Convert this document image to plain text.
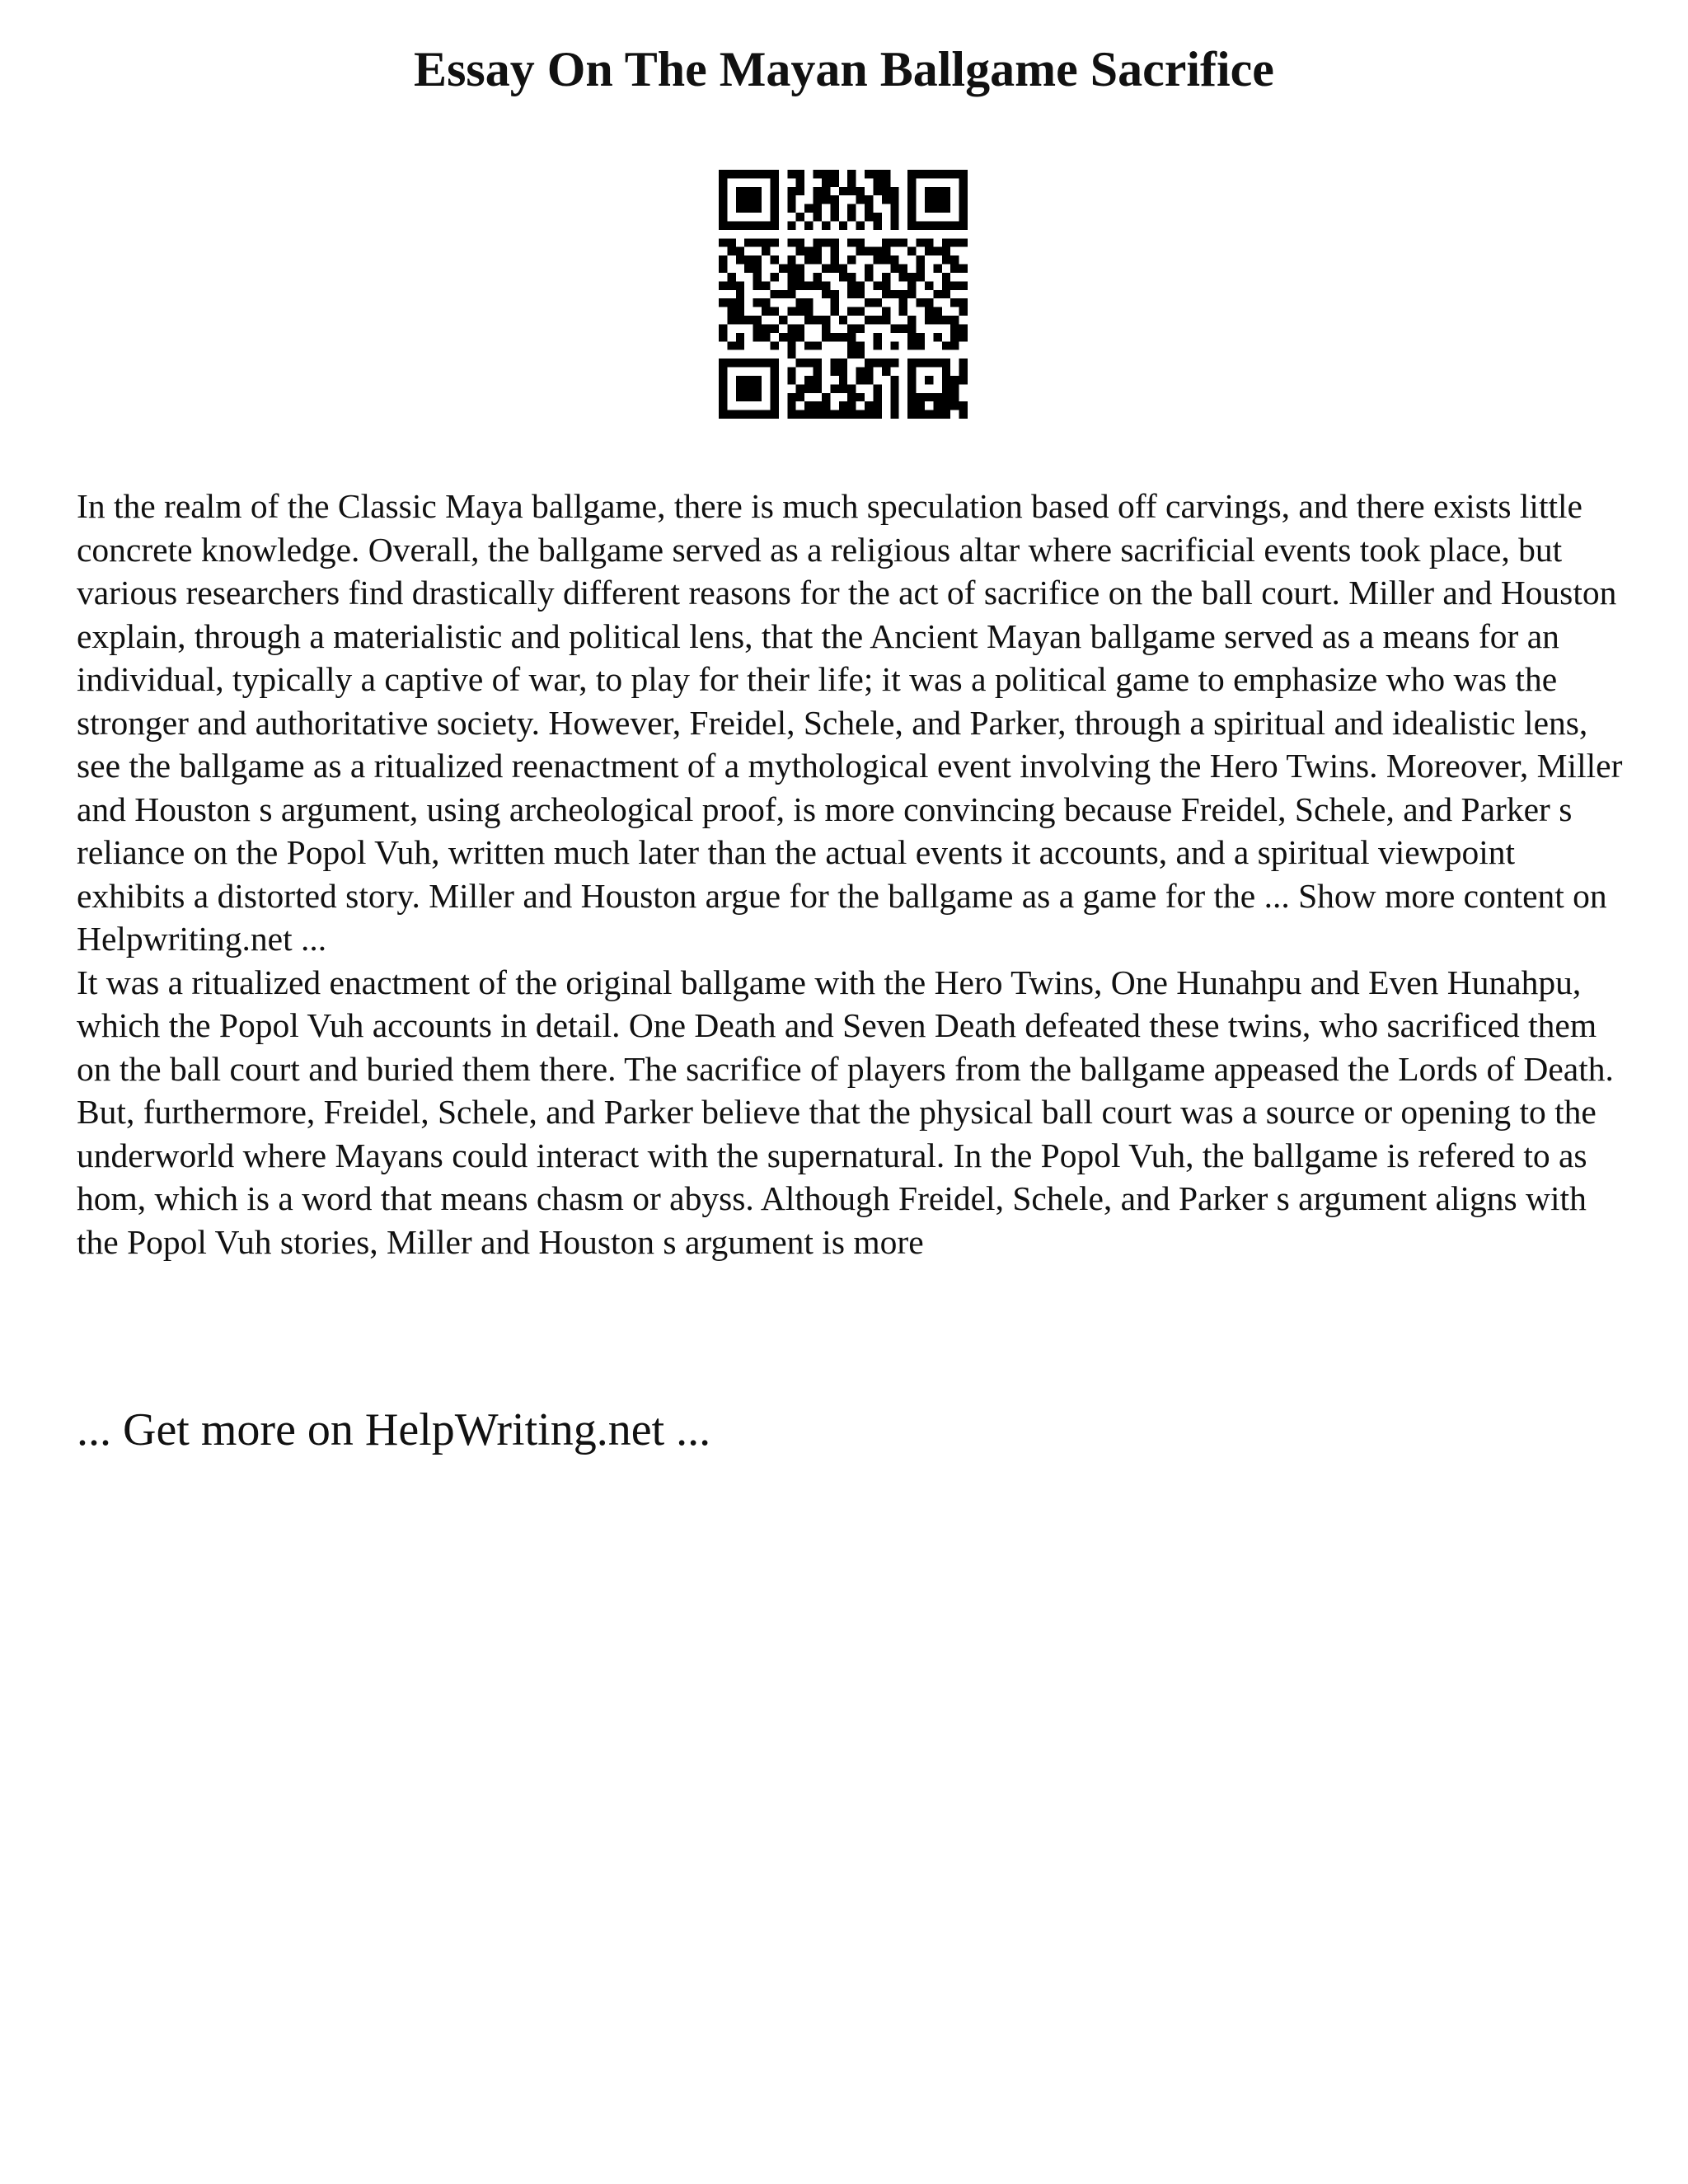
Essay On The Mayan Ballgame Sacrifice

In the realm of the Classic Maya ballgame, there is much speculation based off carvings, and there exists little concrete knowledge. Overall, the ballgame served as a religious altar where sacrificial events took place, but various researchers find drastically different reasons for the act of sacrifice on the ball court. Miller and Houston explain, through a materialistic and political lens, that the Ancient Mayan ballgame served as a means for an individual, typically a captive of war, to play for their life; it was a political game to emphasize who was the stronger and authoritative society. However, Freidel, Schele, and Parker, through a spiritual and idealistic lens, see the ballgame as a ritualized reenactment of a mythological event involving the Hero Twins. Moreover, Miller and Houston s argument, using archeological proof, is more convincing because Freidel, Schele, and Parker s reliance on the Popol Vuh, written much later than the actual events it accounts, and a spiritual viewpoint exhibits a distorted story. Miller and Houston argue for the ballgame as a game for the ... Show more content on Helpwriting.net ...

It was a ritualized enactment of the original ballgame with the Hero Twins, One Hunahpu and Even Hunahpu, which the Popol Vuh accounts in detail. One Death and Seven Death defeated these twins, who sacrificed them on the ball court and buried them there. The sacrifice of players from the ballgame appeased the Lords of Death. But, furthermore, Freidel, Schele, and Parker believe that the physical ball court was a source or opening to the underworld where Mayans could interact with the supernatural. In the Popol Vuh, the ballgame is refered to as hom, which is a word that means chasm or abyss. Although Freidel, Schele, and Parker s argument aligns with the Popol Vuh stories, Miller and Houston s argument is more

... Get more on HelpWriting.net ...
